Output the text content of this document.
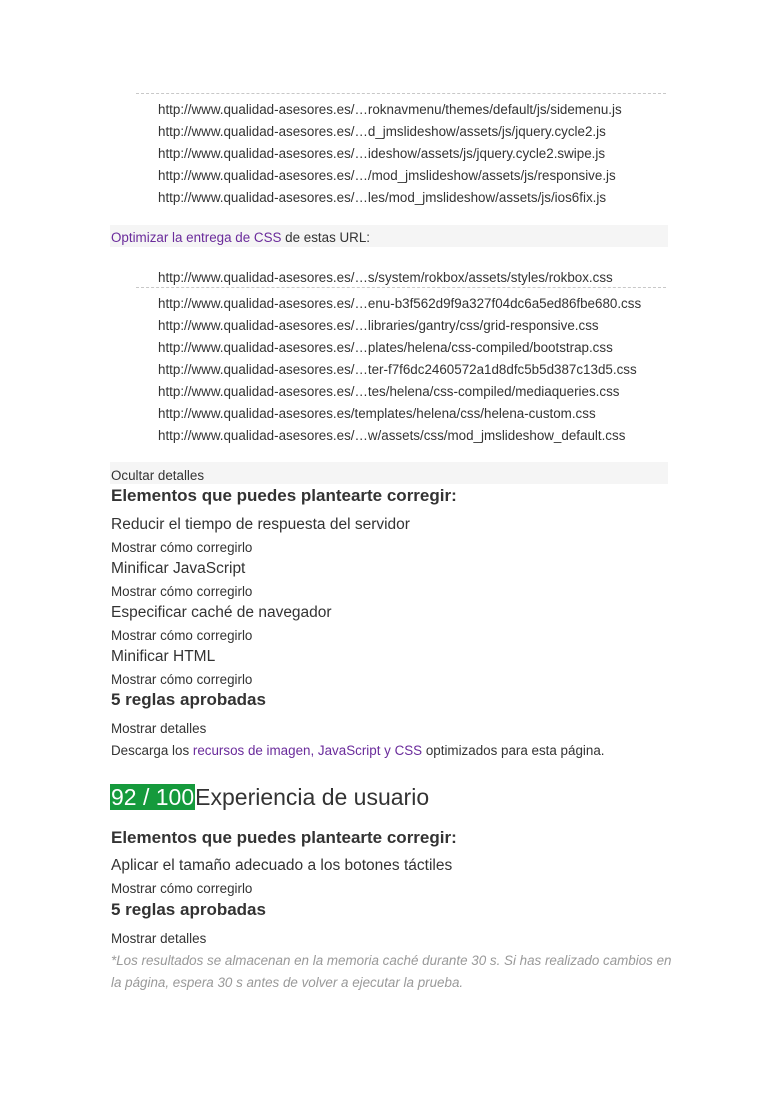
http://www.qualidad-asesores.es/…roknavmenu/themes/default/js/sidemenu.js
http://www.qualidad-asesores.es/…d_jmslideshow/assets/js/jquery.cycle2.js
http://www.qualidad-asesores.es/…ideshow/assets/js/jquery.cycle2.swipe.js
http://www.qualidad-asesores.es/…/mod_jmslideshow/assets/js/responsive.js
http://www.qualidad-asesores.es/…les/mod_jmslideshow/assets/js/ios6fix.js
Optimizar la entrega de CSS de estas URL:
http://www.qualidad-asesores.es/…s/system/rokbox/assets/styles/rokbox.css
http://www.qualidad-asesores.es/…enu-b3f562d9f9a327f04dc6a5ed86fbe680.css
http://www.qualidad-asesores.es/…libraries/gantry/css/grid-responsive.css
http://www.qualidad-asesores.es/…plates/helena/css-compiled/bootstrap.css
http://www.qualidad-asesores.es/…ter-f7f6dc2460572a1d8dfc5b5d387c13d5.css
http://www.qualidad-asesores.es/…tes/helena/css-compiled/mediaqueries.css
http://www.qualidad-asesores.es/templates/helena/css/helena-custom.css
http://www.qualidad-asesores.es/…w/assets/css/mod_jmslideshow_default.css
Ocultar detalles
Elementos que puedes plantearte corregir:
Reducir el tiempo de respuesta del servidor
Mostrar cómo corregirlo
Minificar JavaScript
Mostrar cómo corregirlo
Especificar caché de navegador
Mostrar cómo corregirlo
Minificar HTML
Mostrar cómo corregirlo
5 reglas aprobadas
Mostrar detalles
Descarga los recursos de imagen, JavaScript y CSS optimizados para esta página.
92 / 100Experiencia de usuario
Elementos que puedes plantearte corregir:
Aplicar el tamaño adecuado a los botones táctiles
Mostrar cómo corregirlo
5 reglas aprobadas
Mostrar detalles
*Los resultados se almacenan en la memoria caché durante 30 s. Si has realizado cambios en la página, espera 30 s antes de volver a ejecutar la prueba.
